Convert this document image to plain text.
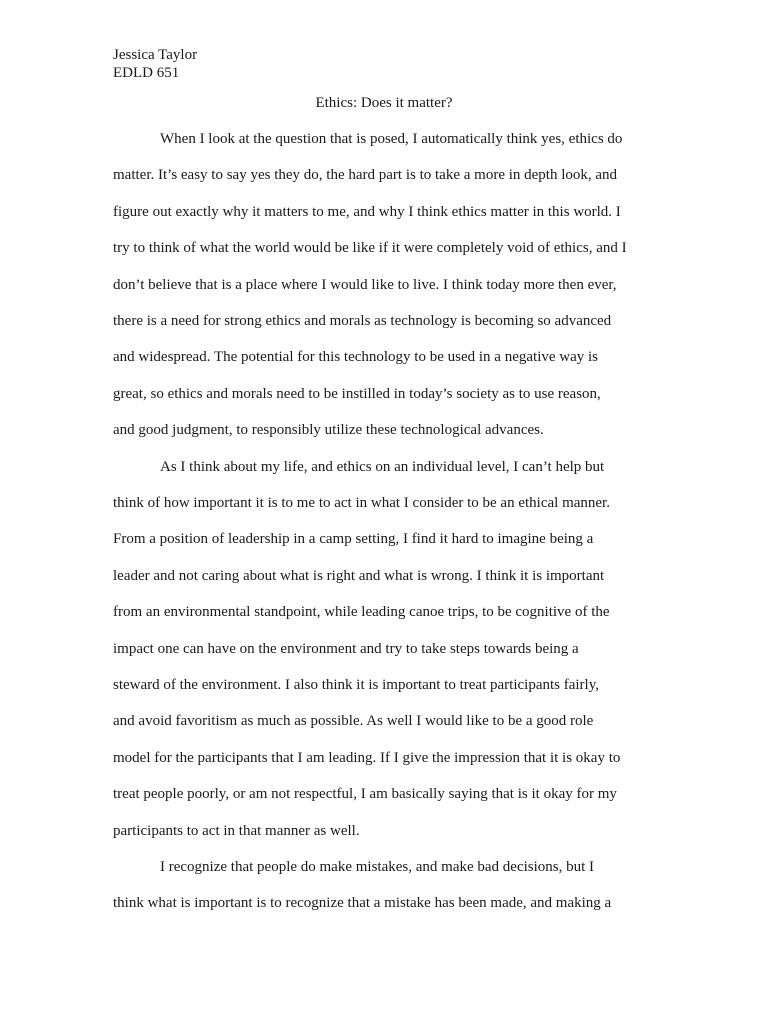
Jessica Taylor
EDLD 651
Ethics: Does it matter?
When I look at the question that is posed, I automatically think yes, ethics do
matter. It’s easy to say yes they do, the hard part is to take a more in depth look, and
figure out exactly why it matters to me, and why I think ethics matter in this world. I
try to think of what the world would be like if it were completely void of ethics, and I
don’t believe that is a place where I would like to live. I think today more then ever,
there is a need for strong ethics and morals as technology is becoming so advanced
and widespread. The potential for this technology to be used in a negative way is
great, so ethics and morals need to be instilled in today’s society as to use reason,
and good judgment, to responsibly utilize these technological advances.
As I think about my life, and ethics on an individual level, I can’t help but
think of how important it is to me to act in what I consider to be an ethical manner.
From a position of leadership in a camp setting, I find it hard to imagine being a
leader and not caring about what is right and what is wrong. I think it is important
from an environmental standpoint, while leading canoe trips, to be cognitive of the
impact one can have on the environment and try to take steps towards being a
steward of the environment. I also think it is important to treat participants fairly,
and avoid favoritism as much as possible. As well I would like to be a good role
model for the participants that I am leading. If I give the impression that it is okay to
treat people poorly, or am not respectful, I am basically saying that is it okay for my
participants to act in that manner as well.
I recognize that people do make mistakes, and make bad decisions, but I
think what is important is to recognize that a mistake has been made, and making a
